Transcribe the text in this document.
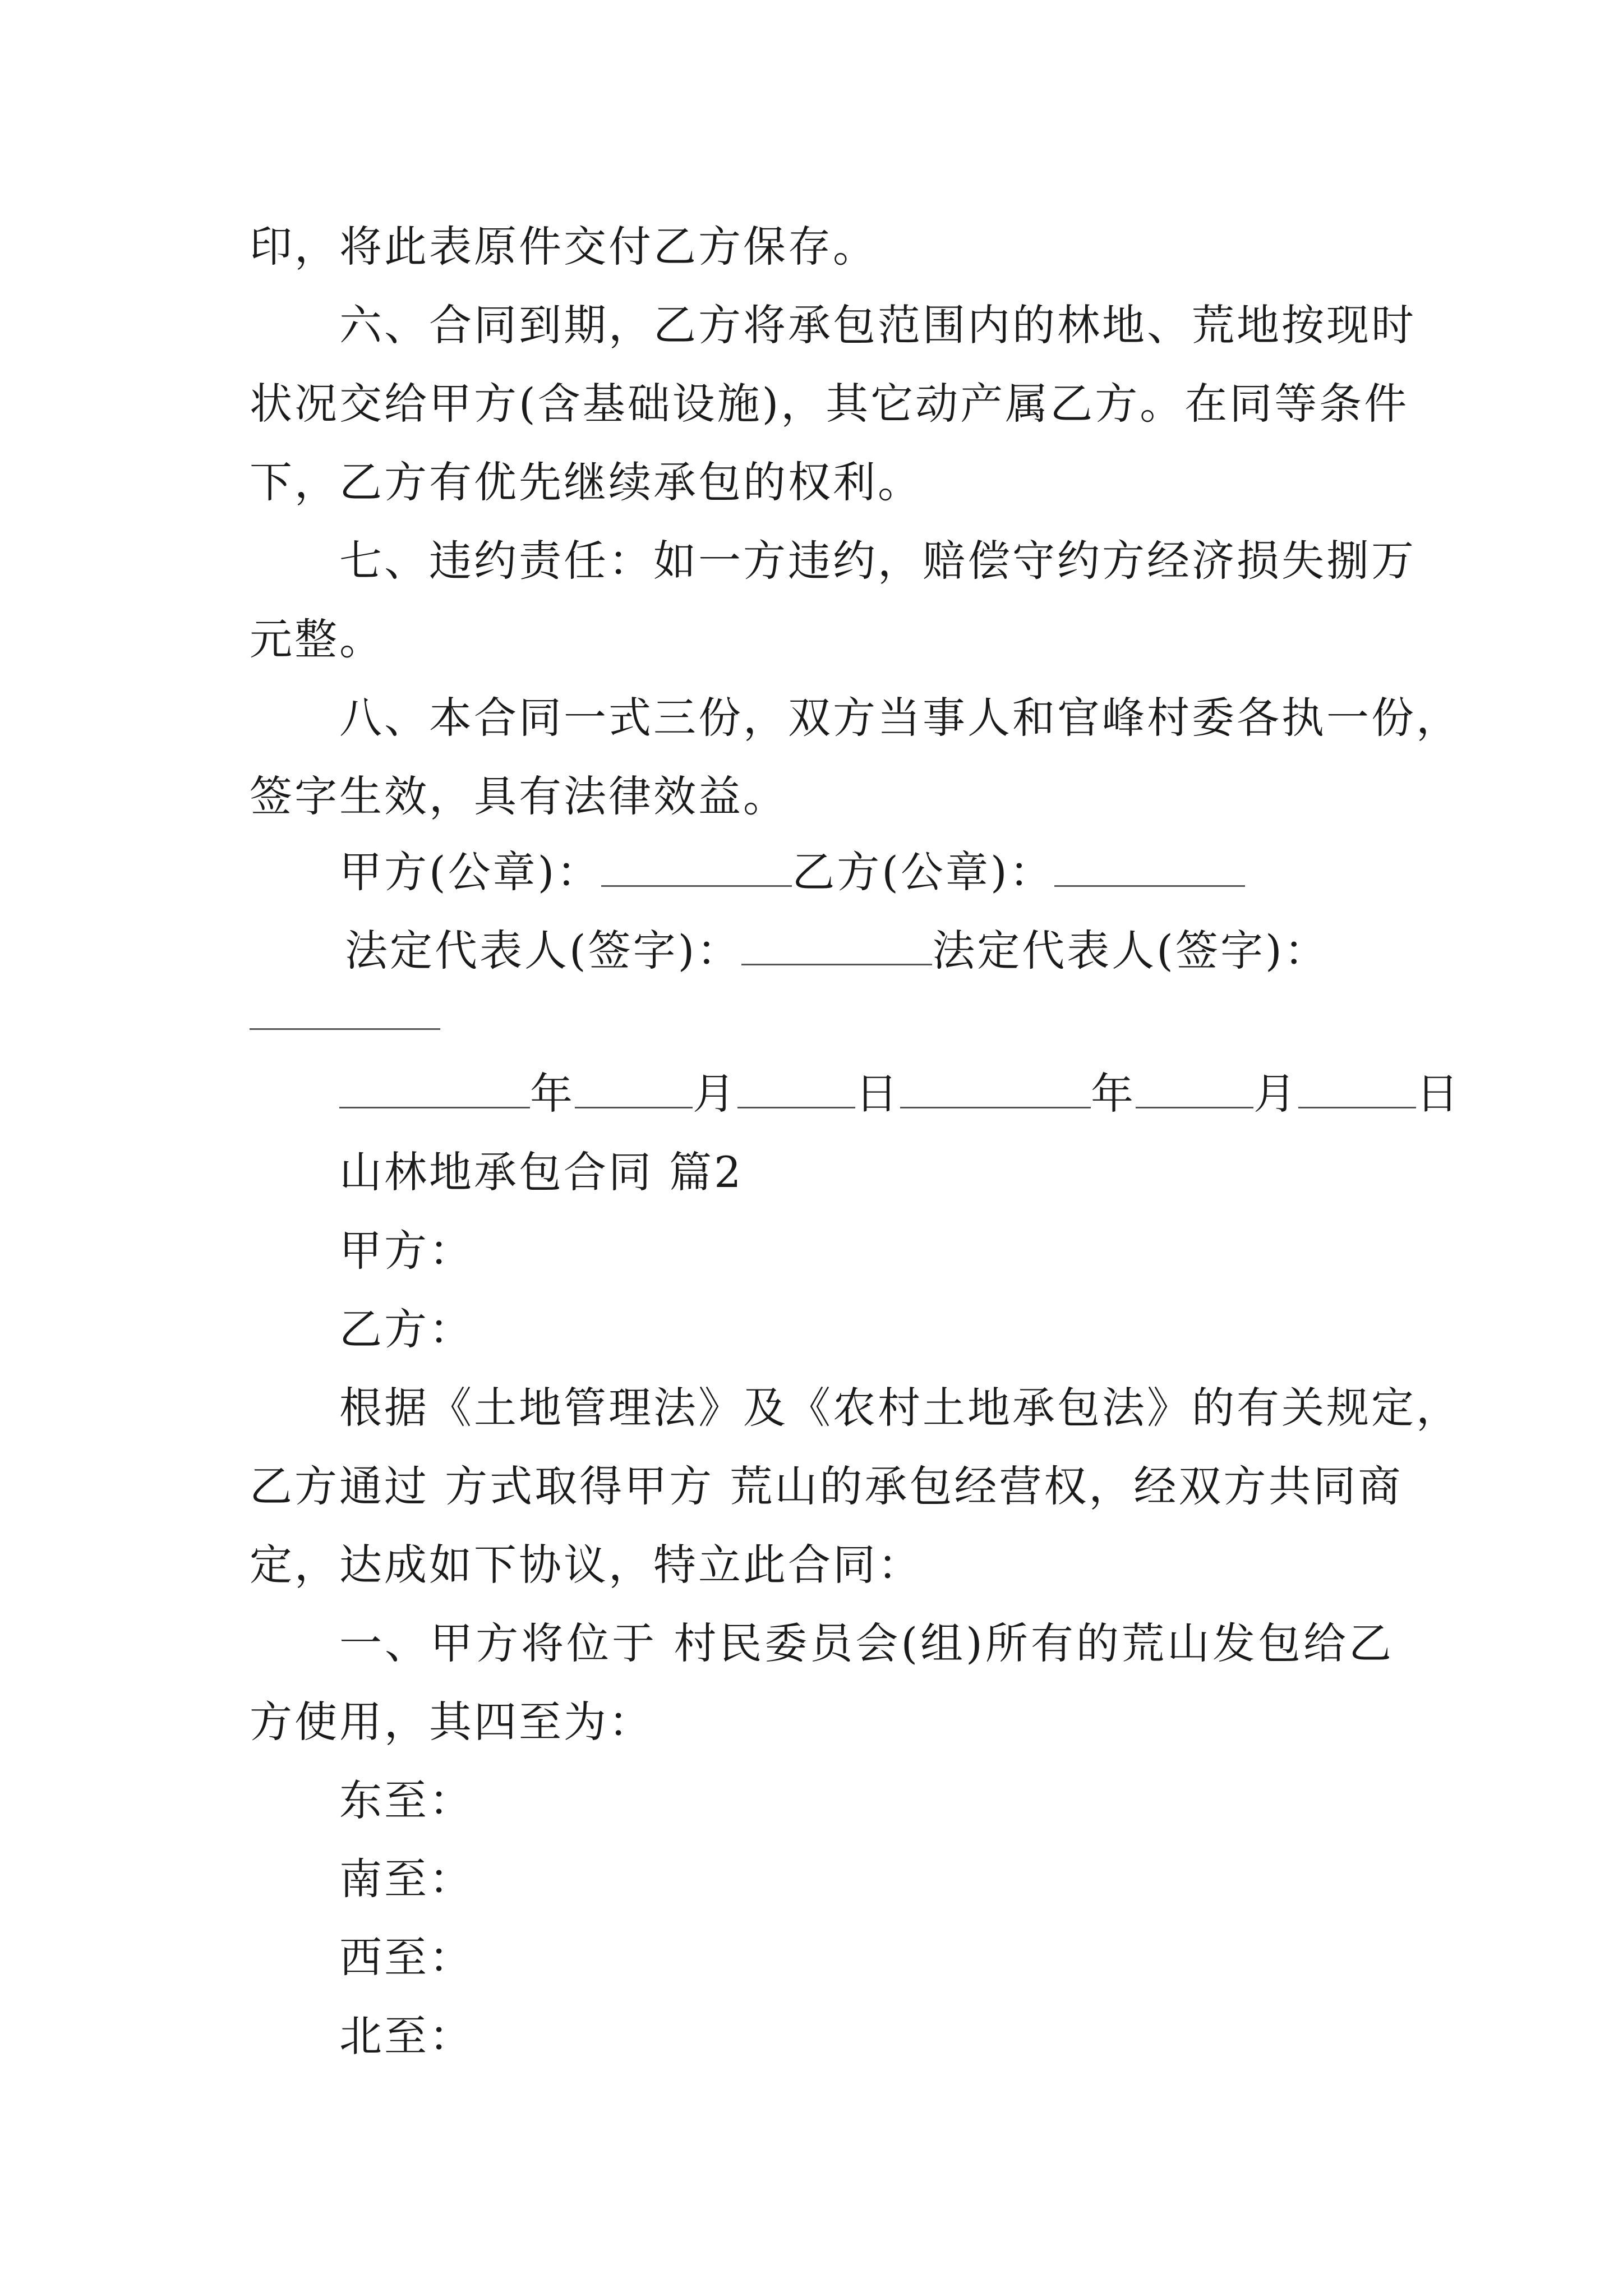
印，将此表原件交付乙方保存。
六、合同到期，乙方将承包范围内的林地、荒地按现时
状况交给甲方(含基础设施)，其它动产属乙方。在同等条件
下，乙方有优先继续承包的权利。
七、违约责任：如一方违约，赔偿守约方经济损失捌万
元整。
八、本合同一式三份，双方当事人和官峰村委各执一份，
签字生效，具有法律效益。
甲方(公章)：	乙方(公章)：
法定代表人(签字)：	法定代表人(签字)：
年	月	日	年	月	日
山林地承包合同 篇2
甲方：
乙方：
根据《土地管理法》及《农村土地承包法》的有关规定，
乙方通过 方式取得甲方 荒山的承包经营权，经双方共同商
定，达成如下协议，特立此合同：
一、甲方将位于 村民委员会(组)所有的荒山发包给乙
方使用，其四至为：
东至：
南至：
西至：
北至：
